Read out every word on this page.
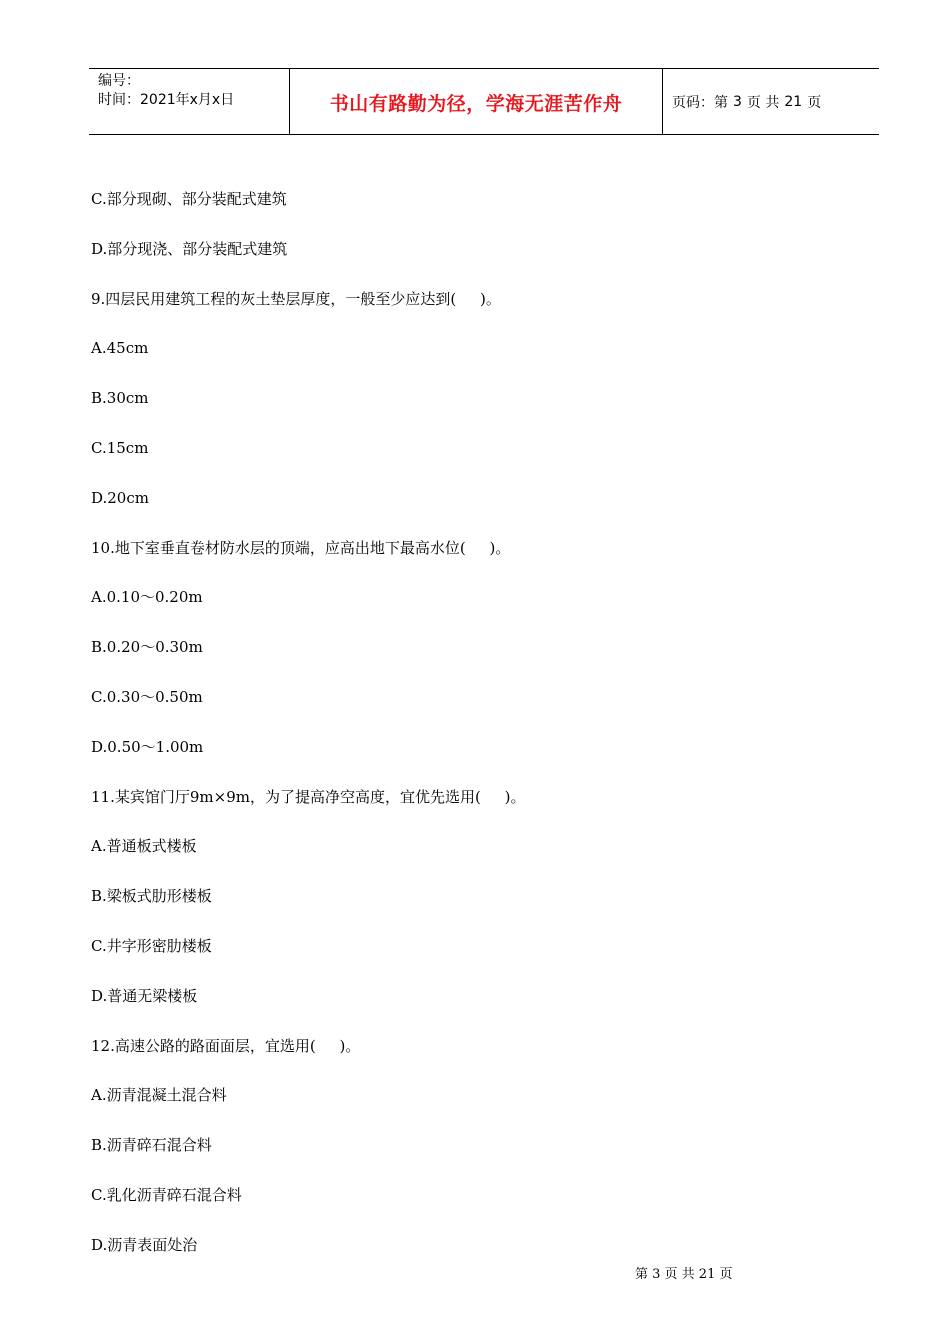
编号：
时间：2021年x月x日	书山有路勤为径，学海无涯苦作舟	页码：第 3 页 共 21 页
C.部分现砌、部分装配式建筑
D.部分现浇、部分装配式建筑
9.四层民用建筑工程的灰土垫层厚度，一般至少应达到(     )。
A.45cm
B.30cm
C.15cm
D.20cm
10.地下室垂直卷材防水层的顶端，应高出地下最高水位(     )。
A.0.10～0.20m
B.0.20～0.30m
C.0.30～0.50m
D.0.50～1.00m
11.某宾馆门厅9m×9m，为了提高净空高度，宜优先选用(     )。
A.普通板式楼板
B.梁板式肋形楼板
C.井字形密肋楼板
D.普通无梁楼板
12.高速公路的路面面层，宜选用(     )。
A.沥青混凝土混合料
B.沥青碎石混合料
C.乳化沥青碎石混合料
D.沥青表面处治
第 3 页 共 21 页
